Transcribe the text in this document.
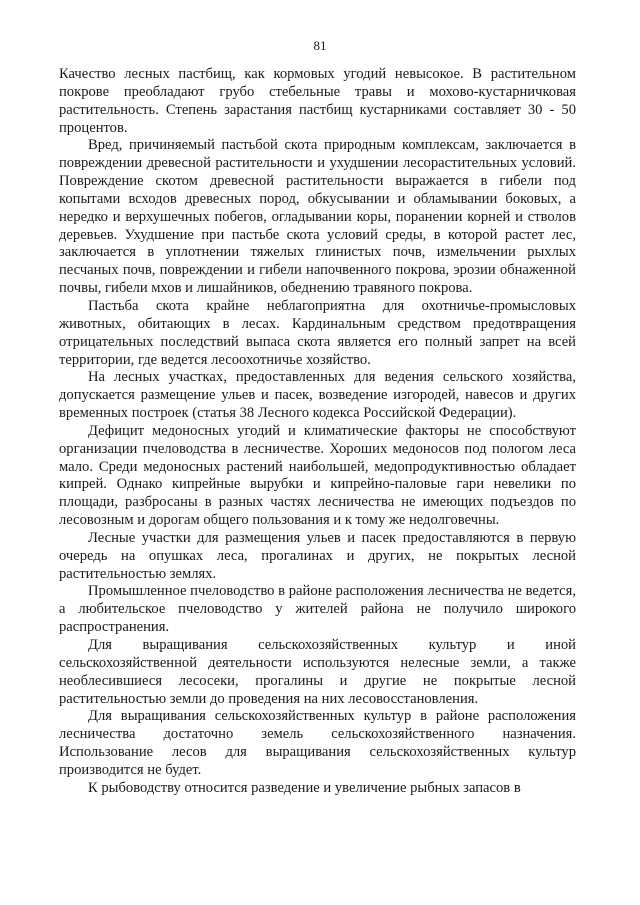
81

Качество лесных пастбищ, как кормовых угодий невысокое. В растительном покрове преобладают грубо стебельные травы и мохово-кустарничковая растительность. Степень зарастания пастбищ кустарниками составляет 30 - 50 процентов.

Вред, причиняемый пастьбой скота природным комплексам, заключается в повреждении древесной растительности и ухудшении лесорастительных условий. Повреждение скотом древесной растительности выражается в гибели под копытами всходов древесных пород, обкусывании и обламывании боковых, а нередко и верхушечных побегов, огладывании коры, поранении корней и стволов деревьев. Ухудшение при пастьбе скота условий среды, в которой растет лес, заключается в уплотнении тяжелых глинистых почв, измельчении рыхлых песчаных почв, повреждении и гибели напочвенного покрова, эрозии обнаженной почвы, гибели мхов и лишайников, обеднению травяного покрова.

Пастьба скота крайне неблагоприятна для охотничье-промысловых животных, обитающих в лесах. Кардинальным средством предотвращения отрицательных последствий выпаса скота является его полный запрет на всей территории, где ведется лесоохотничье хозяйство.

На лесных участках, предоставленных для ведения сельского хозяйства, допускается размещение ульев и пасек, возведение изгородей, навесов и других временных построек (статья 38 Лесного кодекса Российской Федерации).

Дефицит медоносных угодий и климатические факторы не способствуют организации пчеловодства в лесничестве. Хороших медоносов под пологом леса мало. Среди медоносных растений наибольшей, медопродуктивностью обладает кипрей. Однако кипрейные вырубки и кипрейно-паловые гари невелики по площади, разбросаны в разных частях лесничества не имеющих подъездов по лесовозным и дорогам общего пользования и к тому же недолговечны.

Лесные участки для размещения ульев и пасек предоставляются в первую очередь на опушках леса, прогалинах и других, не покрытых лесной растительностью землях.

Промышленное пчеловодство в районе расположения лесничества не ведется, а любительское пчеловодство у жителей района не получило широкого распространения.

Для выращивания сельскохозяйственных культур и иной сельскохозяйственной деятельности используются нелесные земли, а также необлесившиеся лесосеки, прогалины и другие не покрытые лесной растительностью земли до проведения на них лесовосстановления.

Для выращивания сельскохозяйственных культур в районе расположения лесничества достаточно земель сельскохозяйственного назначения. Использование лесов для выращивания сельскохозяйственных культур производится не будет.

К рыбоводству относится разведение и увеличение рыбных запасов в
